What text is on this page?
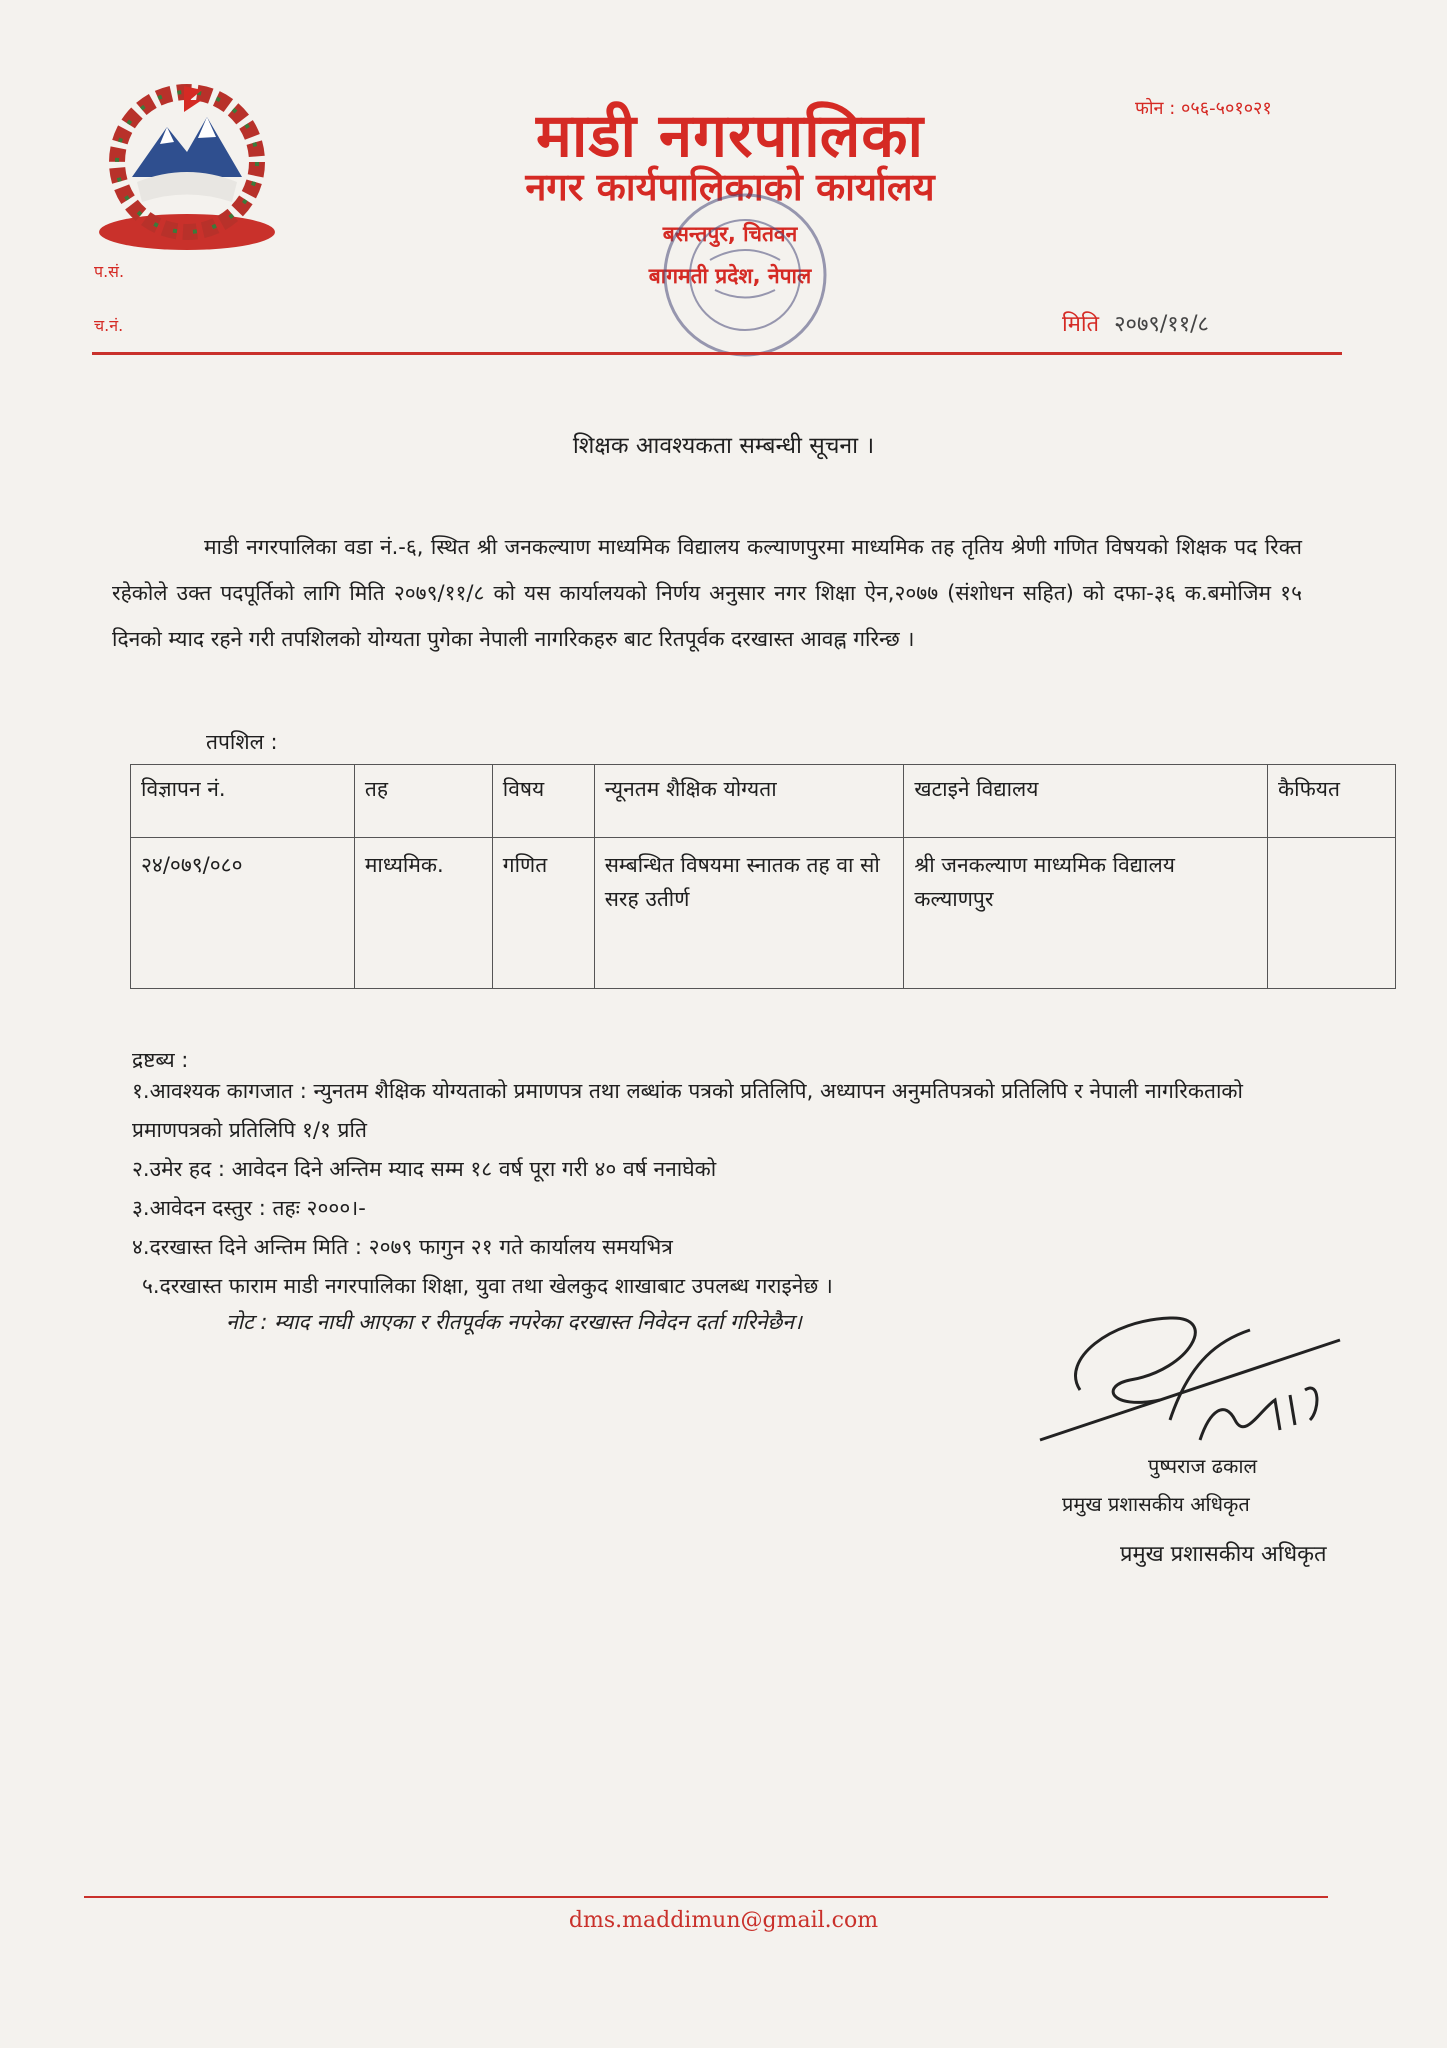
माडी नगरपालिका
नगर कार्यपालिकाको कार्यालय
बसन्तपुर, चितवन
बागमती प्रदेश, नेपाल
फोन : ०५६-५०१०२१
प.सं.
च.नं.	मिति २०७९/११/८
शिक्षक आवश्यकता सम्बन्धी सूचना ।
माडी नगरपालिका वडा नं.-६, स्थित श्री जनकल्याण माध्यमिक विद्यालय कल्याणपुरमा माध्यमिक तह तृतिय श्रेणी गणित विषयको शिक्षक पद रिक्त रहेकोले उक्त पदपूर्तिको लागि मिति २०७९/११/८ को यस कार्यालयको निर्णय अनुसार नगर शिक्षा ऐन,२०७७ (संशोधन सहित) को दफा-३६ क.बमोजिम १५ दिनको म्याद रहने गरी तपशिलको योग्यता पुगेका नेपाली नागरिकहरु बाट रितपूर्वक दरखास्त आवह्न गरिन्छ ।
तपशिल :
विज्ञापन नं.	तह	विषय	न्यूनतम शैक्षिक योग्यता	खटाइने विद्यालय	कैफियत
२४/०७९/०८०	माध्यमिक.	गणित	सम्बन्धित विषयमा स्नातक तह वा सो सरह उतीर्ण	श्री जनकल्याण माध्यमिक विद्यालय कल्याणपुर	
द्रष्टब्य :

१.आवश्यक कागजात : न्युनतम शैक्षिक योग्यताको प्रमाणपत्र तथा लब्धांक पत्रको प्रतिलिपि, अध्यापन अनुमतिपत्रको प्रतिलिपि र नेपाली नागरिकताको प्रमाणपत्रको प्रतिलिपि १/१ प्रति

२.उमेर हद : आवेदन दिने अन्तिम म्याद सम्म १८ वर्ष पूरा गरी ४० वर्ष ननाघेको

३.आवेदन दस्तुर : तहः २०००।-

४.दरखास्त दिने अन्तिम मिति : २०७९ फागुन २१ गते कार्यालय समयभित्र

५.दरखास्त फाराम माडी नगरपालिका शिक्षा, युवा तथा खेलकुद शाखाबाट उपलब्ध गराइनेछ ।

नोट : म्याद नाघी आएका र रीतपूर्वक नपरेका दरखास्त निवेदन दर्ता गरिनेछैन।
पुष्पराज ढकाल
प्रमुख प्रशासकीय अधिकृत
प्रमुख प्रशासकीय अधिकृत
dms.maddimun@gmail.com
